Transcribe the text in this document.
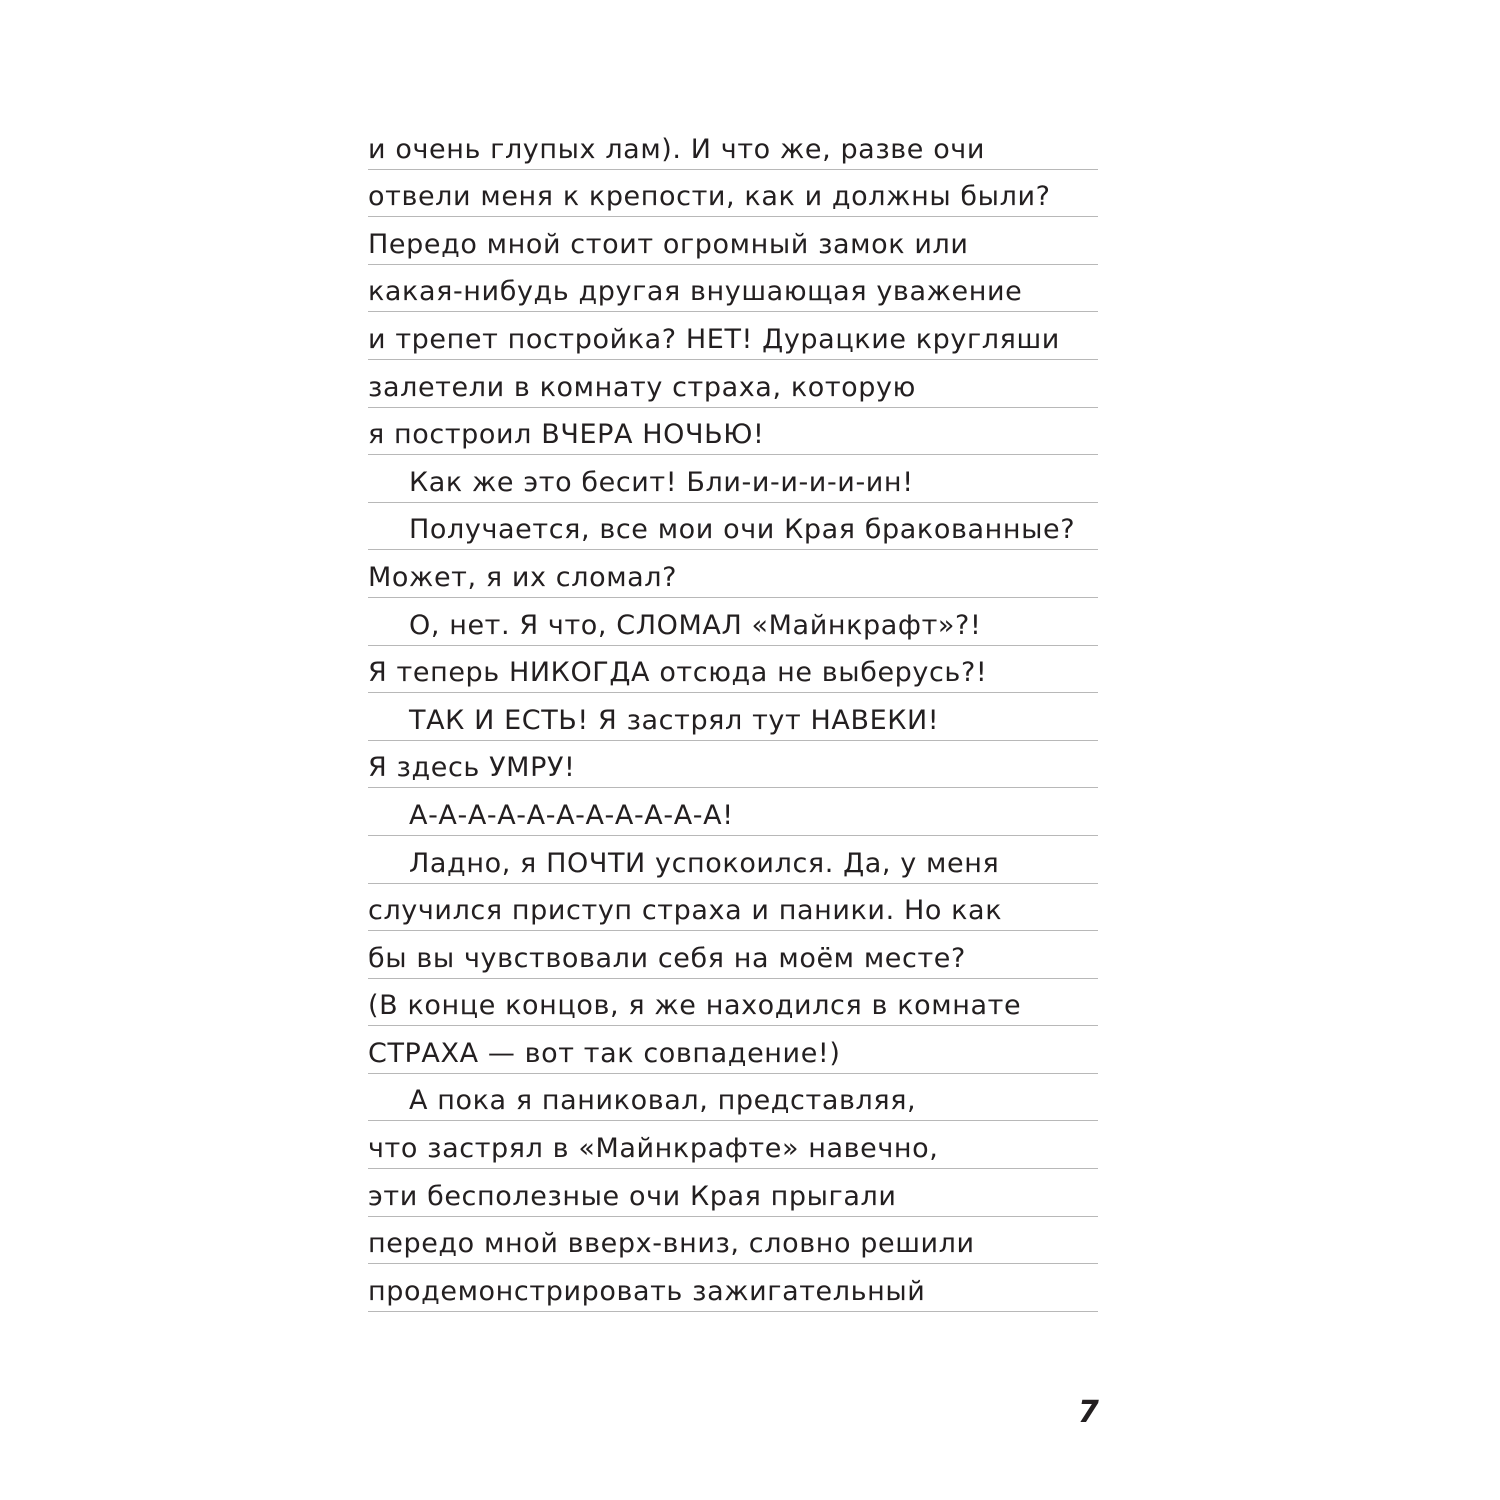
и очень глупых лам). И что же, разве очи
отвели меня к крепости, как и должны были?
Передо мной стоит огромный замок или
какая-нибудь другая внушающая уважение
и трепет постройка? НЕТ! Дурацкие кругляши
залетели в комнату страха, которую
я построил ВЧЕРА НОЧЬЮ!
Как же это бесит! Бли-и-и-и-и-ин!
Получается, все мои очи Края бракованные?
Может, я их сломал?
О, нет. Я что, СЛОМАЛ «Майнкрафт»?!
Я теперь НИКОГДА отсюда не выберусь?!
ТАК И ЕСТЬ! Я застрял тут НАВЕКИ!
Я здесь УМРУ!
А-А-А-А-А-А-А-А-А-А-А!
Ладно, я ПОЧТИ успокоился. Да, у меня
случился приступ страха и паники. Но как
бы вы чувствовали себя на моём месте?
(В конце концов, я же находился в комнате
СТРАХА — вот так совпадение!)
А пока я паниковал, представляя,
что застрял в «Майнкрафте» навечно,
эти бесполезные очи Края прыгали
передо мной вверх-вниз, словно решили
продемонстрировать зажигательный
7
